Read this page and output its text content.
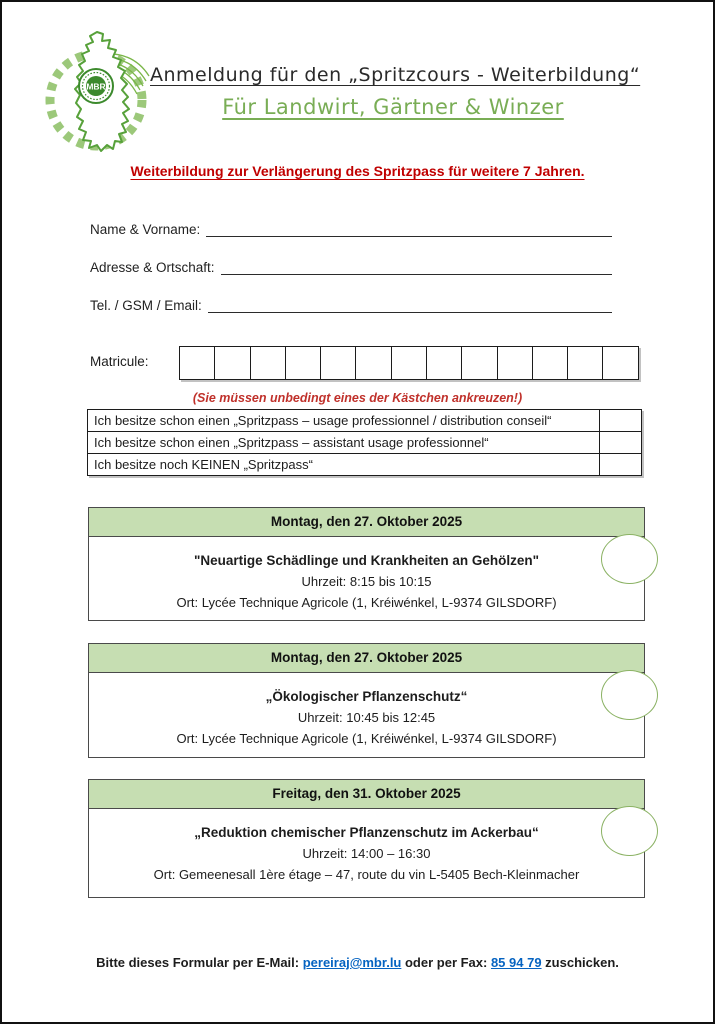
MBR
Anmeldung für den „Spritzcours - Weiterbildung“
Für Landwirt, Gärtner & Winzer
Weiterbildung zur Verlängerung des Spritzpass für weitere 7 Jahren.
Name & Vorname:
Adresse & Ortschaft:
Tel. / GSM / Email:
Matricule:
(Sie müssen unbedingt eines der Kästchen ankreuzen!)
Ich besitze schon einen „Spritzpass – usage professionnel / distribution conseil“
Ich besitze schon einen „Spritzpass – assistant usage professionnel“
Ich besitze noch KEINEN „Spritzpass“
Montag, den 27. Oktober 2025
"Neuartige Schädlinge und Krankheiten an Gehölzen"
Uhrzeit: 8:15 bis 10:15
Ort: Lycée Technique Agricole (1, Kréiwénkel, L-9374 GILSDORF)
Montag, den 27. Oktober 2025
„Ökologischer Pflanzenschutz“
Uhrzeit: 10:45 bis 12:45
Ort: Lycée Technique Agricole (1, Kréiwénkel, L-9374 GILSDORF)
Freitag, den 31. Oktober 2025
„Reduktion chemischer Pflanzenschutz im Ackerbau“
Uhrzeit: 14:00 – 16:30
Ort: Gemeenesall 1ère étage – 47, route du vin L-5405 Bech-Kleinmacher
Bitte dieses Formular per E-Mail: pereiraj@mbr.lu oder per Fax: 85 94 79 zuschicken.
